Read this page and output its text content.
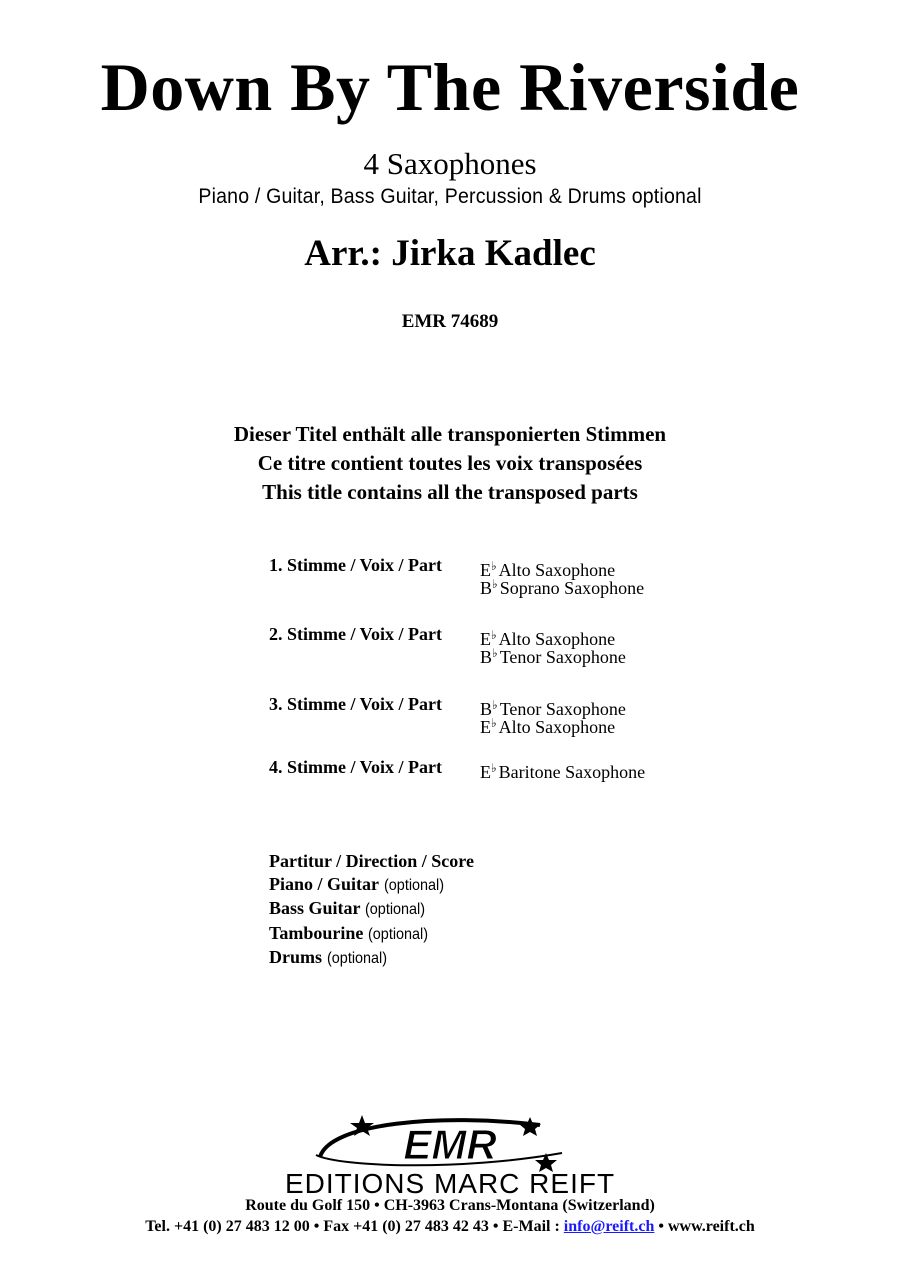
Down By The Riverside
4 Saxophones
Piano / Guitar, Bass Guitar, Percussion & Drums optional
Arr.: Jirka Kadlec
EMR 74689
Dieser Titel enthält alle transponierten Stimmen
Ce titre contient toutes les voix transposées
This title contains all the transposed parts
1. Stimme / Voix / Part E♭ Alto Saxophone
B♭ Soprano Saxophone
2. Stimme / Voix / Part E♭ Alto Saxophone
B♭ Tenor Saxophone
3. Stimme / Voix / Part B♭ Tenor Saxophone
E♭ Alto Saxophone
4. Stimme / Voix / Part E♭ Baritone Saxophone
Partitur / Direction / Score
Piano / Guitar (optional)
Bass Guitar (optional)
Tambourine (optional)
Drums (optional)
EMR
EDITIONS MARC REIFT
Route du Golf 150 • CH-3963 Crans-Montana (Switzerland)
Tel. +41 (0) 27 483 12 00 • Fax +41 (0) 27 483 42 43 • E-Mail : info@reift.ch • www.reift.ch
